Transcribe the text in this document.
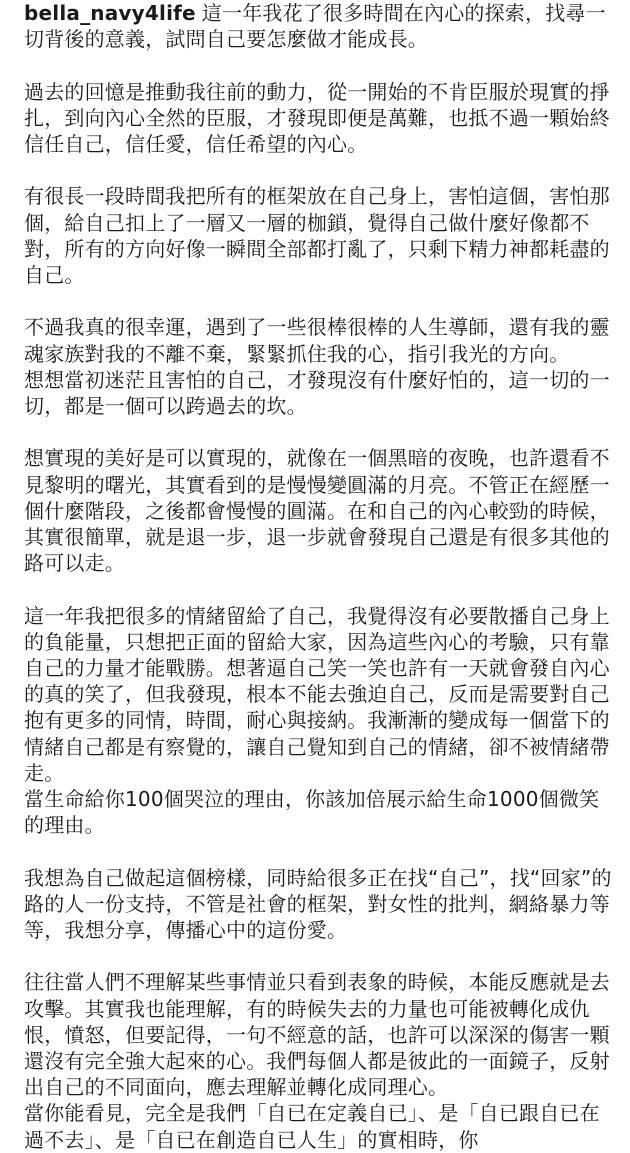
bella_navy4life 這一年我花了很多時間在內心的探索，找尋一切背後的意義，試問自己要怎麼做才能成長。

過去的回憶是推動我往前的動力，從一開始的不肯臣服於現實的掙扎，到向內心全然的臣服，才發現即便是萬難，也抵不過一顆始終信任自己，信任愛，信任希望的內心。

有很長一段時間我把所有的框架放在自己身上，害怕這個，害怕那個，給自己扣上了一層又一層的枷鎖，覺得自己做什麼好像都不對，所有的方向好像一瞬間全部都打亂了，只剩下精力神都耗盡的自己。

不過我真的很幸運，遇到了一些很棒很棒的人生導師，還有我的靈魂家族對我的不離不棄，緊緊抓住我的心，指引我光的方向。

想想當初迷茫且害怕的自己，才發現沒有什麼好怕的，這一切的一切，都是一個可以跨過去的坎。

想實現的美好是可以實現的，就像在一個黑暗的夜晚，也許還看不見黎明的曙光，其實看到的是慢慢變圓滿的月亮。不管正在經歷一個什麼階段，之後都會慢慢的圓滿。在和自己的內心較勁的時候，其實很簡單，就是退一步，退一步就會發現自己還是有很多其他的路可以走。

這一年我把很多的情緒留給了自己，我覺得沒有必要散播自己身上的負能量，只想把正面的留給大家，因為這些內心的考驗，只有靠自己的力量才能戰勝。想著逼自己笑一笑也許有一天就會發自內心的真的笑了，但我發現，根本不能去強迫自己，反而是需要對自己抱有更多的同情，時間，耐心與接納。我漸漸的變成每一個當下的情緒自己都是有察覺的，讓自己覺知到自己的情緒，卻不被情緒帶走。

當生命給你100個哭泣的理由，你該加倍展示給生命1000個微笑的理由。

我想為自己做起這個榜樣，同時給很多正在找“自己”，找“回家”的路的人一份支持，不管是社會的框架，對女性的批判，網絡暴力等等，我想分享，傳播心中的這份愛。

往往當人們不理解某些事情並只看到表象的時候，本能反應就是去攻擊。其實我也能理解，有的時候失去的力量也可能被轉化成仇恨，憤怒，但要記得，一句不經意的話，也許可以深深的傷害一顆還沒有完全強大起來的心。我們每個人都是彼此的一面鏡子，反射出自己的不同面向，應去理解並轉化成同理心。

當你能看見，完全是我們「自已在定義自已」、是「自已跟自已在過不去」、是「自已在創造自已人生」的實相時，你
